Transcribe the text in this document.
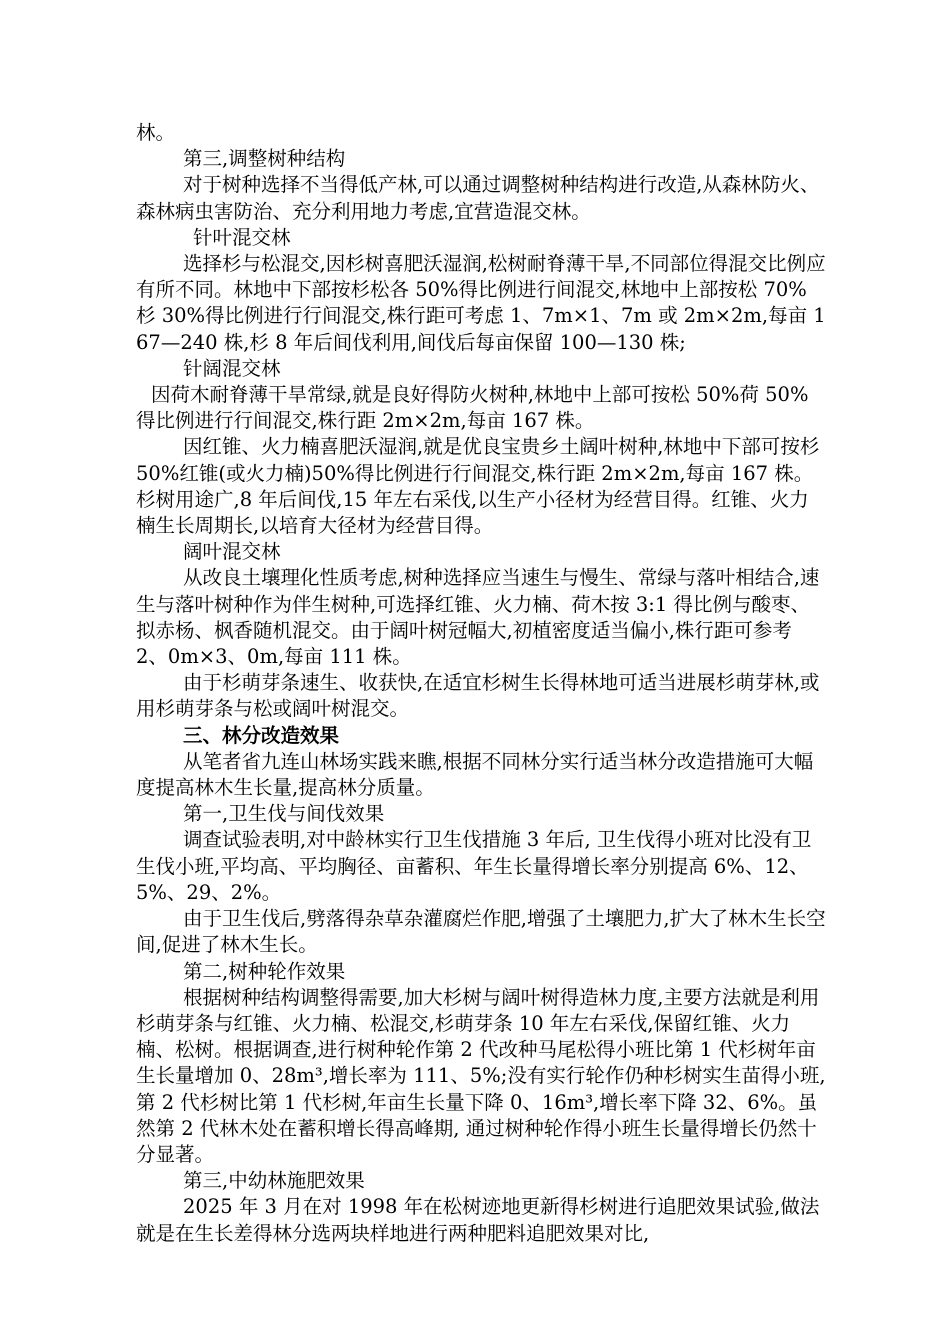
林。

第三,调整树种结构

对于树种选择不当得低产林,可以通过调整树种结构进行改造,从森林防火、森林病虫害防治、充分利用地力考虑,宜营造混交林。

针叶混交林

选择杉与松混交,因杉树喜肥沃湿润,松树耐脊薄干旱,不同部位得混交比例应有所不同。林地中下部按杉松各 50%得比例进行间混交,林地中上部按松 70%杉 30%得比例进行行间混交,株行距可考虑 1、7m×1、7m 或 2m×2m,每亩 167—240 株,杉 8 年后间伐利用,间伐后每亩保留 100—130 株;

针阔混交林

因荷木耐脊薄干旱常绿,就是良好得防火树种,林地中上部可按松 50%荷 50%得比例进行行间混交,株行距 2m×2m,每亩 167 株。

因红锥、火力楠喜肥沃湿润,就是优良宝贵乡土阔叶树种,林地中下部可按杉 50%红锥(或火力楠)50%得比例进行行间混交,株行距 2m×2m,每亩 167 株。杉树用途广,8 年后间伐,15 年左右采伐,以生产小径材为经营目得。红锥、火力楠生长周期长,以培育大径材为经营目得。

阔叶混交林

从改良土壤理化性质考虑,树种选择应当速生与慢生、常绿与落叶相结合,速生与落叶树种作为伴生树种,可选择红锥、火力楠、荷木按 3:1 得比例与酸枣、拟赤杨、枫香随机混交。由于阔叶树冠幅大,初植密度适当偏小,株行距可参考 2、0m×3、0m,每亩 111 株。

由于杉萌芽条速生、收获快,在适宜杉树生长得林地可适当进展杉萌芽林,或用杉萌芽条与松或阔叶树混交。

三、林分改造效果

从笔者省九连山林场实践来瞧,根据不同林分实行适当林分改造措施可大幅度提高林木生长量,提高林分质量。

第一,卫生伐与间伐效果

调查试验表明,对中龄林实行卫生伐措施 3 年后, 卫生伐得小班对比没有卫生伐小班,平均高、平均胸径、亩蓄积、年生长量得增长率分别提高 6%、12、5%、29、2%。

由于卫生伐后,劈落得杂草杂灌腐烂作肥,增强了土壤肥力,扩大了林木生长空间,促进了林木生长。

第二,树种轮作效果

根据树种结构调整得需要,加大杉树与阔叶树得造林力度,主要方法就是利用杉萌芽条与红锥、火力楠、松混交,杉萌芽条 10 年左右采伐,保留红锥、火力楠、松树。根据调查,进行树种轮作第 2 代改种马尾松得小班比第 1 代杉树年亩生长量增加 0、28m³,增长率为 111、5%;没有实行轮作仍种杉树实生苗得小班,第 2 代杉树比第 1 代杉树,年亩生长量下降 0、16m³,增长率下降 32、6%。虽然第 2 代林木处在蓄积增长得高峰期, 通过树种轮作得小班生长量得增长仍然十分显著。

第三,中幼林施肥效果

2025 年 3 月在对 1998 年在松树迹地更新得杉树进行追肥效果试验,做法就是在生长差得林分选两块样地进行两种肥料追肥效果对比,
